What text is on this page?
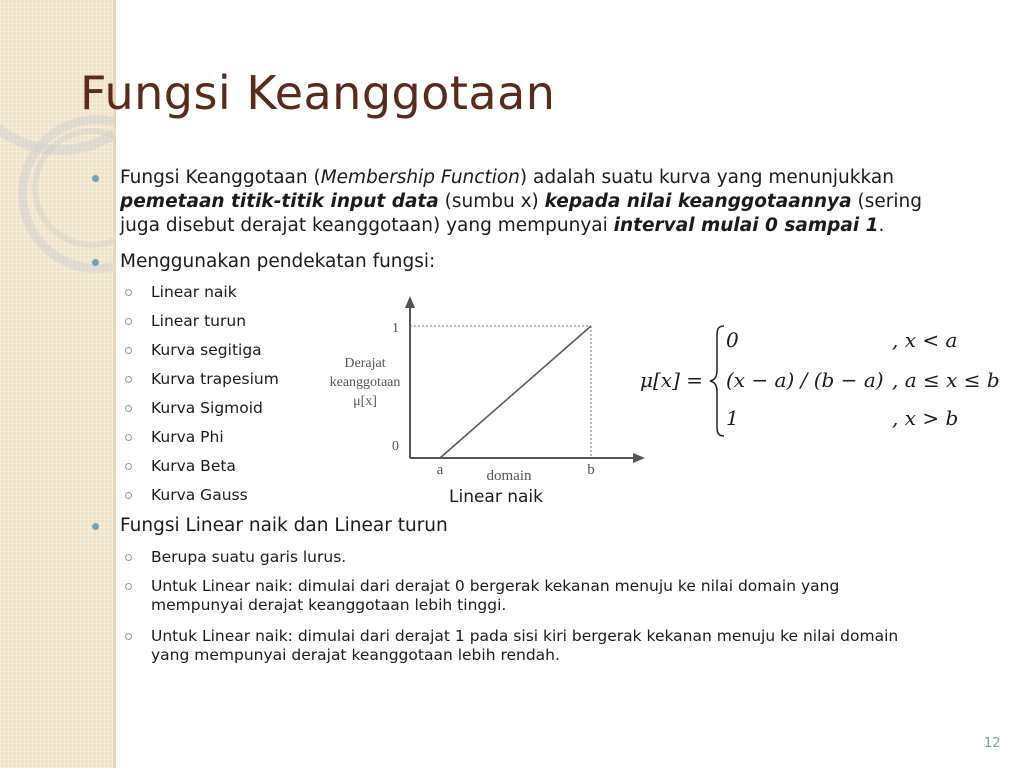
Fungsi Keanggotaan
Fungsi Keanggotaan (Membership Function) adalah suatu kurva yang menunjukkan
pemetaan titik-titik input data (sumbu x) kepada nilai keanggotaannya (sering
juga disebut derajat keanggotaan) yang mempunyai interval mulai 0 sampai 1.
Menggunakan pendekatan fungsi:
Linear naik
Linear turun
Kurva segitiga
Kurva trapesium
Kurva Sigmoid
Kurva Phi
Kurva Beta
Kurva Gauss
Derajat
keanggotaan
μ[x]
domain
a	b
0
1
Linear naik
μ[x] =
0	, x < a
(x − a) / (b − a) , a ≤ x ≤ b
1	, x > b
Fungsi Linear naik dan Linear turun
Berupa suatu garis lurus.
Untuk Linear naik: dimulai dari derajat 0 bergerak kekanan menuju ke nilai domain yang
mempunyai derajat keanggotaan lebih tinggi.
Untuk Linear naik: dimulai dari derajat 1 pada sisi kiri bergerak kekanan menuju ke nilai domain
yang mempunyai derajat keanggotaan lebih rendah.
12
